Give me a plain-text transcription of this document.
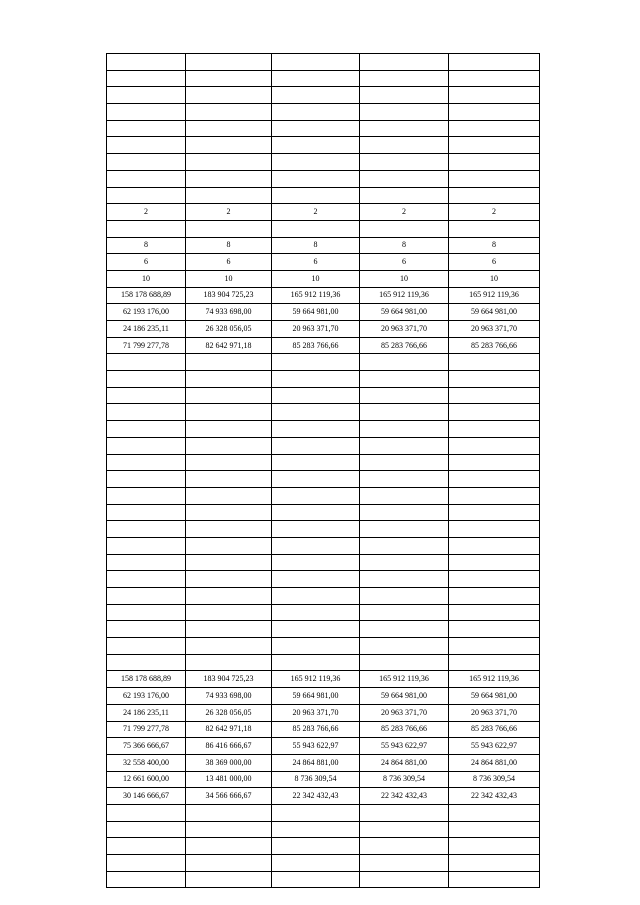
2	2	2	2	2

8	8	8	8	8
6	6	6	6	6
10	10	10	10	10
158 178 688,89	183 904 725,23	165 912 119,36	165 912 119,36	165 912 119,36
62 193 176,00	74 933 698,00	59 664 981,00	59 664 981,00	59 664 981,00
24 186 235,11	26 328 056,05	20 963 371,70	20 963 371,70	20 963 371,70
71 799 277,78	82 642 971,18	85 283 766,66	85 283 766,66	85 283 766,66

158 178 688,89	183 904 725,23	165 912 119,36	165 912 119,36	165 912 119,36
62 193 176,00	74 933 698,00	59 664 981,00	59 664 981,00	59 664 981,00
24 186 235,11	26 328 056,05	20 963 371,70	20 963 371,70	20 963 371,70
71 799 277,78	82 642 971,18	85 283 766,66	85 283 766,66	85 283 766,66
75 366 666,67	86 416 666,67	55 943 622,97	55 943 622,97	55 943 622,97
32 558 400,00	38 369 000,00	24 864 881,00	24 864 881,00	24 864 881,00
12 661 600,00	13 481 000,00	8 736 309,54	8 736 309,54	8 736 309,54
30 146 666,67	34 566 666,67	22 342 432,43	22 342 432,43	22 342 432,43
